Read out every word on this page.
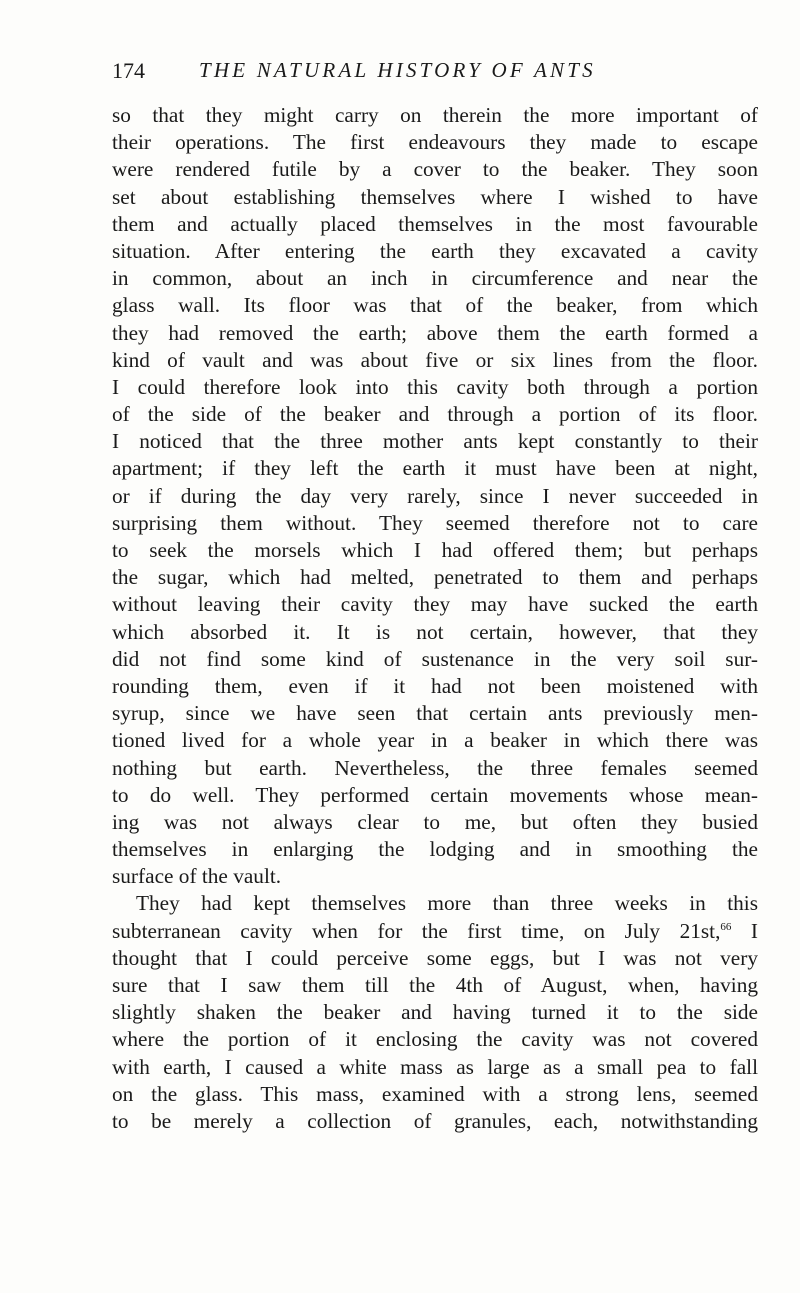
174	THE NATURAL HISTORY OF ANTS
so that they might carry on therein the more important of
their operations. The first endeavours they made to escape
were rendered futile by a cover to the beaker. They soon
set about establishing themselves where I wished to have
them and actually placed themselves in the most favourable
situation. After entering the earth they excavated a cavity
in common, about an inch in circumference and near the
glass wall. Its floor was that of the beaker, from which
they had removed the earth; above them the earth formed a
kind of vault and was about five or six lines from the floor.
I could therefore look into this cavity both through a portion
of the side of the beaker and through a portion of its floor.
I noticed that the three mother ants kept constantly to their
apartment; if they left the earth it must have been at night,
or if during the day very rarely, since I never succeeded in
surprising them without. They seemed therefore not to care
to seek the morsels which I had offered them; but perhaps
the sugar, which had melted, penetrated to them and perhaps
without leaving their cavity they may have sucked the earth
which absorbed it. It is not certain, however, that they
did not find some kind of sustenance in the very soil sur-
rounding them, even if it had not been moistened with
syrup, since we have seen that certain ants previously men-
tioned lived for a whole year in a beaker in which there was
nothing but earth. Nevertheless, the three females seemed
to do well. They performed certain movements whose mean-
ing was not always clear to me, but often they busied
themselves in enlarging the lodging and in smoothing the
surface of the vault.
They had kept themselves more than three weeks in this
subterranean cavity when for the first time, on July 21st,$^{66}$ I
thought that I could perceive some eggs, but I was not very
sure that I saw them till the 4th of August, when, having
slightly shaken the beaker and having turned it to the side
where the portion of it enclosing the cavity was not covered
with earth, I caused a white mass as large as a small pea to fall
on the glass. This mass, examined with a strong lens, seemed
to be merely a collection of granules, each, notwithstanding
